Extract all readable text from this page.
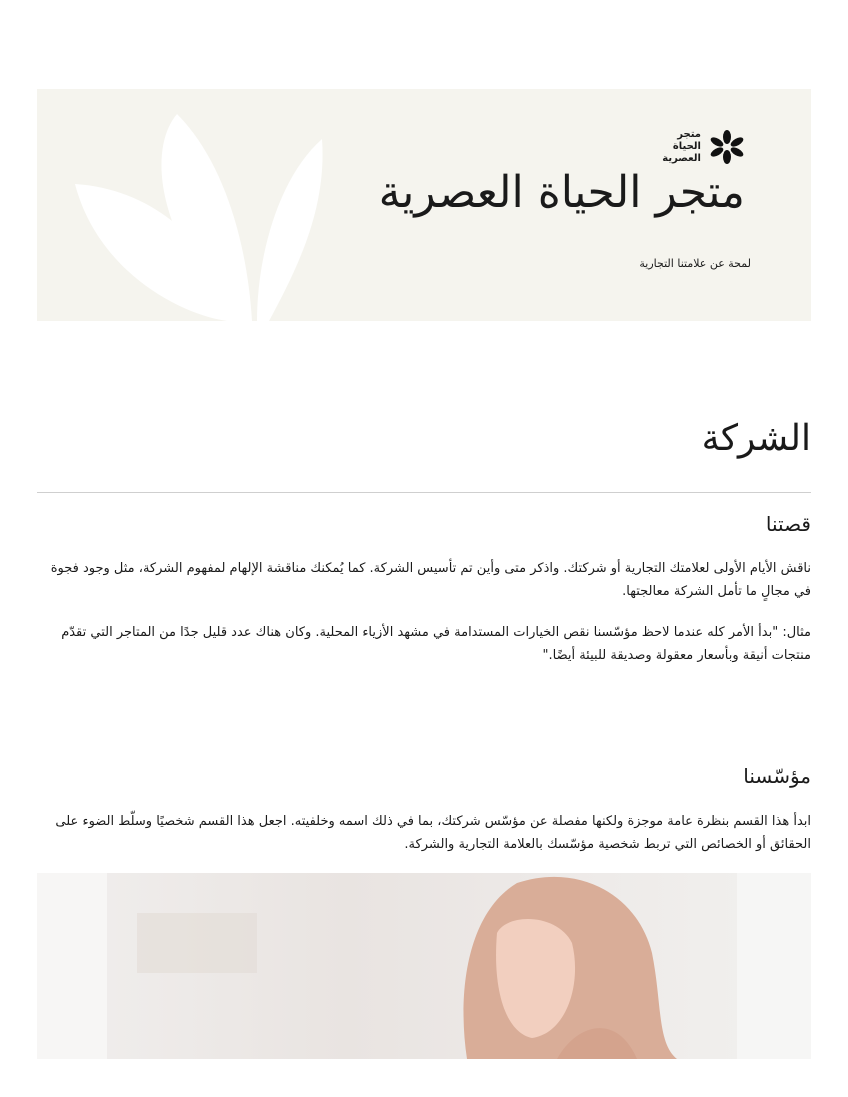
متجر الحياة العصرية
متجر الحياة العصرية
لمحة عن علامتنا التجارية
الشركة
قصتنا
ناقش الأيام الأولى لعلامتك التجارية أو شركتك. واذكر متى وأين تم تأسيس الشركة. كما يُمكنك مناقشة الإلهام لمفهوم الشركة، مثل وجود فجوة في مجالٍ ما تأمل الشركة معالجتها.
مثال: "بدأ الأمر كله عندما لاحظ مؤسّسنا نقص الخيارات المستدامة في مشهد الأزياء المحلية. وكان هناك عدد قليل جدًا من المتاجر التي تقدّم منتجات أنيقة وبأسعار معقولة وصديقة للبيئة أيضًا."
مؤسّسنا
ابدأ هذا القسم بنظرة عامة موجزة ولكنها مفصلة عن مؤسّس شركتك، بما في ذلك اسمه وخلفيته. اجعل هذا القسم شخصيًا وسلّط الضوء على الحقائق أو الخصائص التي تربط شخصية مؤسّسك بالعلامة التجارية والشركة.
